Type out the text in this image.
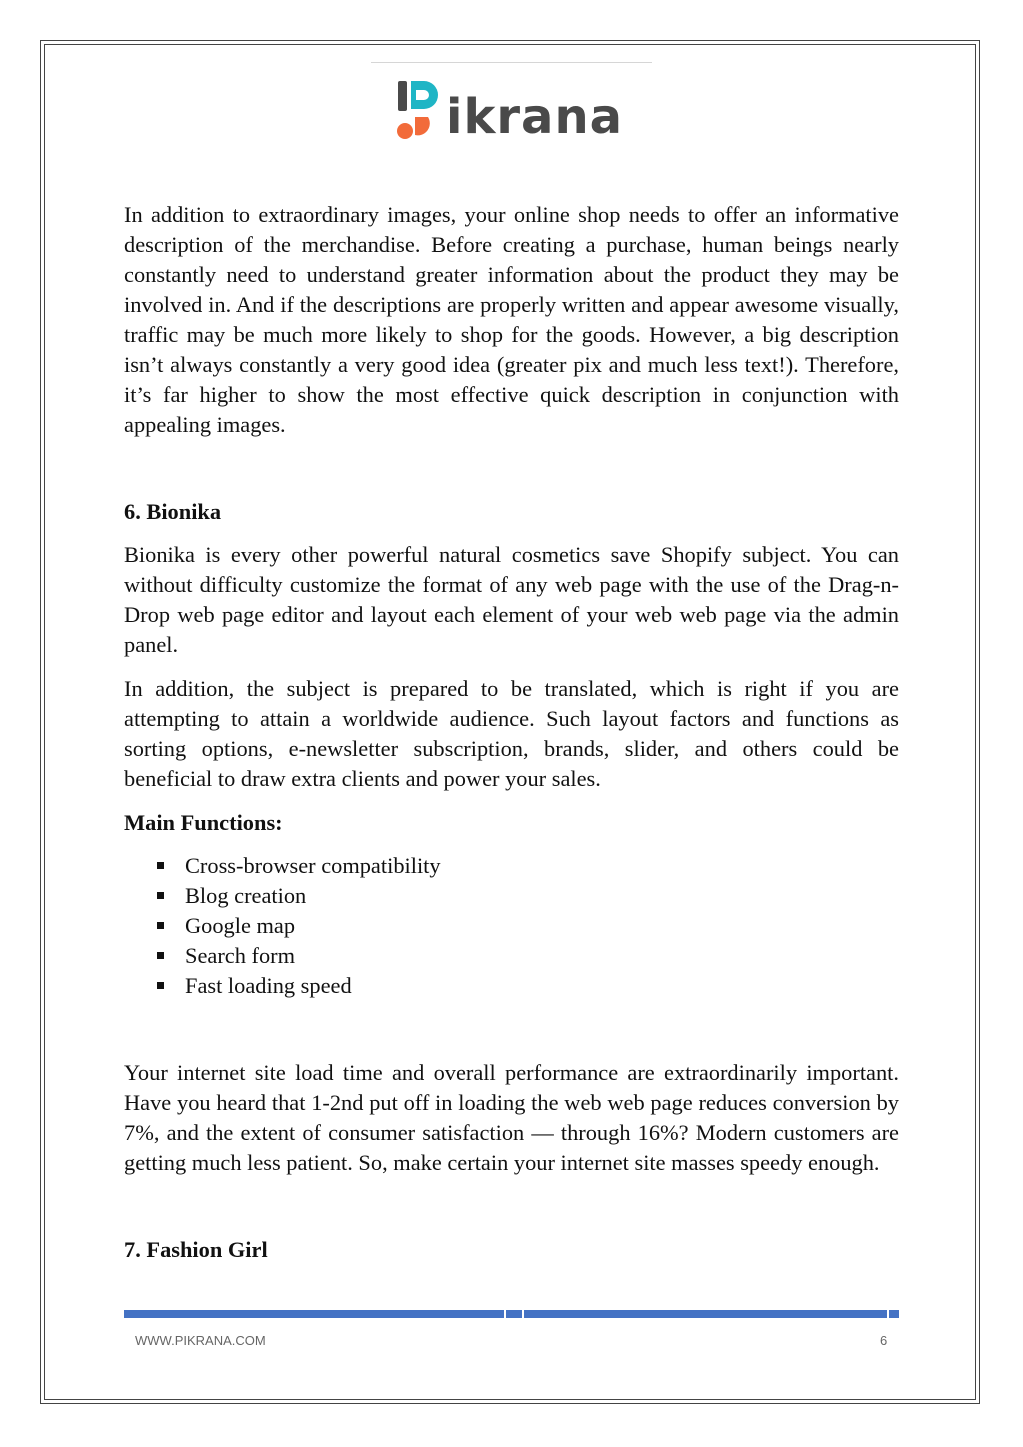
ikrana

In addition to extraordinary images, your online shop needs to offer an informative description of the merchandise. Before creating a purchase, human beings nearly constantly need to understand greater information about the product they may be involved in. And if the descriptions are properly written and appear awesome visually, traffic may be much more likely to shop for the goods. However, a big description isn’t always constantly a very good idea (greater pix and much less text!). Therefore, it’s far higher to show the most effective quick description in conjunction with appealing images.

6. Bionika

Bionika is every other powerful natural cosmetics save Shopify subject. You can without difficulty customize the format of any web page with the use of the Drag-n-Drop web page editor and layout each element of your web web page via the admin panel.

In addition, the subject is prepared to be translated, which is right if you are attempting to attain a worldwide audience. Such layout factors and functions as sorting options, e-newsletter subscription, brands, slider, and others could be beneficial to draw extra clients and power your sales.

Main Functions:
Cross-browser compatibility
Blog creation
Google map
Search form
Fast loading speed

Your internet site load time and overall performance are extraordinarily important. Have you heard that 1-2nd put off in loading the web web page reduces conversion by 7%, and the extent of consumer satisfaction — through 16%? Modern customers are getting much less patient. So, make certain your internet site masses speedy enough.

7. Fashion Girl
WWW.PIKRANA.COM	6
